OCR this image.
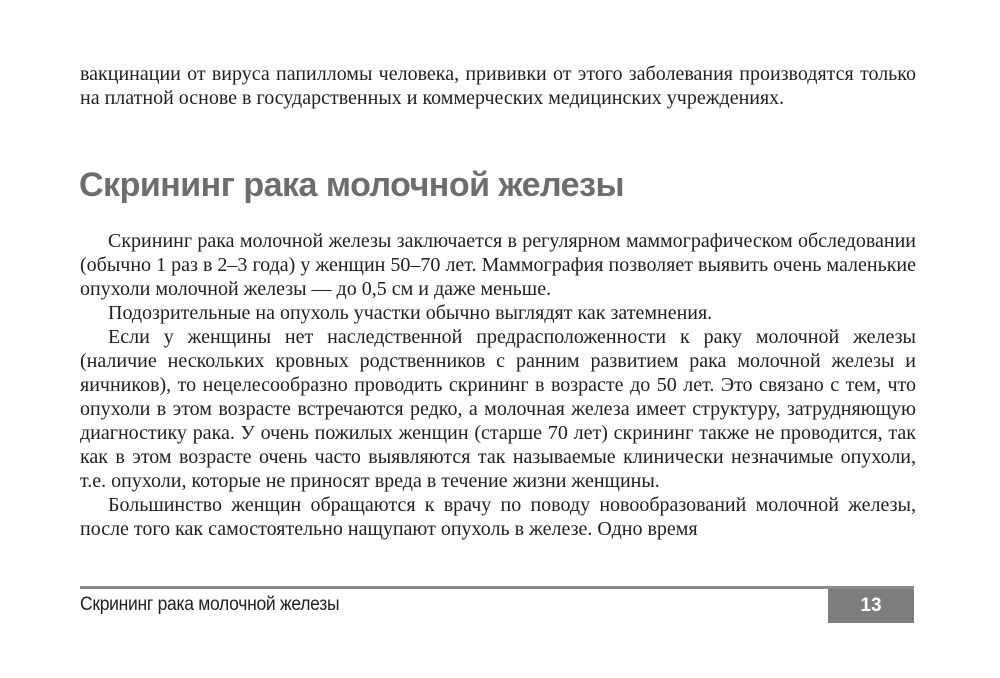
вакцинации от вируса папилломы человека, прививки от этого заболевания производятся только на платной основе в государственных и коммерческих медицинских учреждениях.

Скрининг рака молочной железы

Скрининг рака молочной железы заключается в регулярном маммографическом обследовании (обычно 1 раз в 2–3 года) у женщин 50–70 лет. Маммография позволяет выявить очень маленькие опухоли молочной железы — до 0,5 см и даже меньше.

Подозрительные на опухоль участки обычно выглядят как затемнения.

Если у женщины нет наследственной предрасположенности к раку молочной железы (наличие нескольких кровных родственников с ранним развитием рака молочной железы и яичников), то нецелесообразно проводить скрининг в возрасте до 50 лет. Это связано с тем, что опухоли в этом возрасте встречаются редко, а молочная железа имеет структуру, затрудняющую диагностику рака. У очень пожилых женщин (старше 70 лет) скрининг также не проводится, так как в этом возрасте очень часто выявляются так называемые клинически незначимые опухоли, т.е. опухоли, которые не приносят вреда в течение жизни женщины.

Большинство женщин обращаются к врачу по поводу новообразований молочной железы, после того как самостоятельно нащупают опухоль в железе. Одно время

Скрининг рака молочной железы	13
